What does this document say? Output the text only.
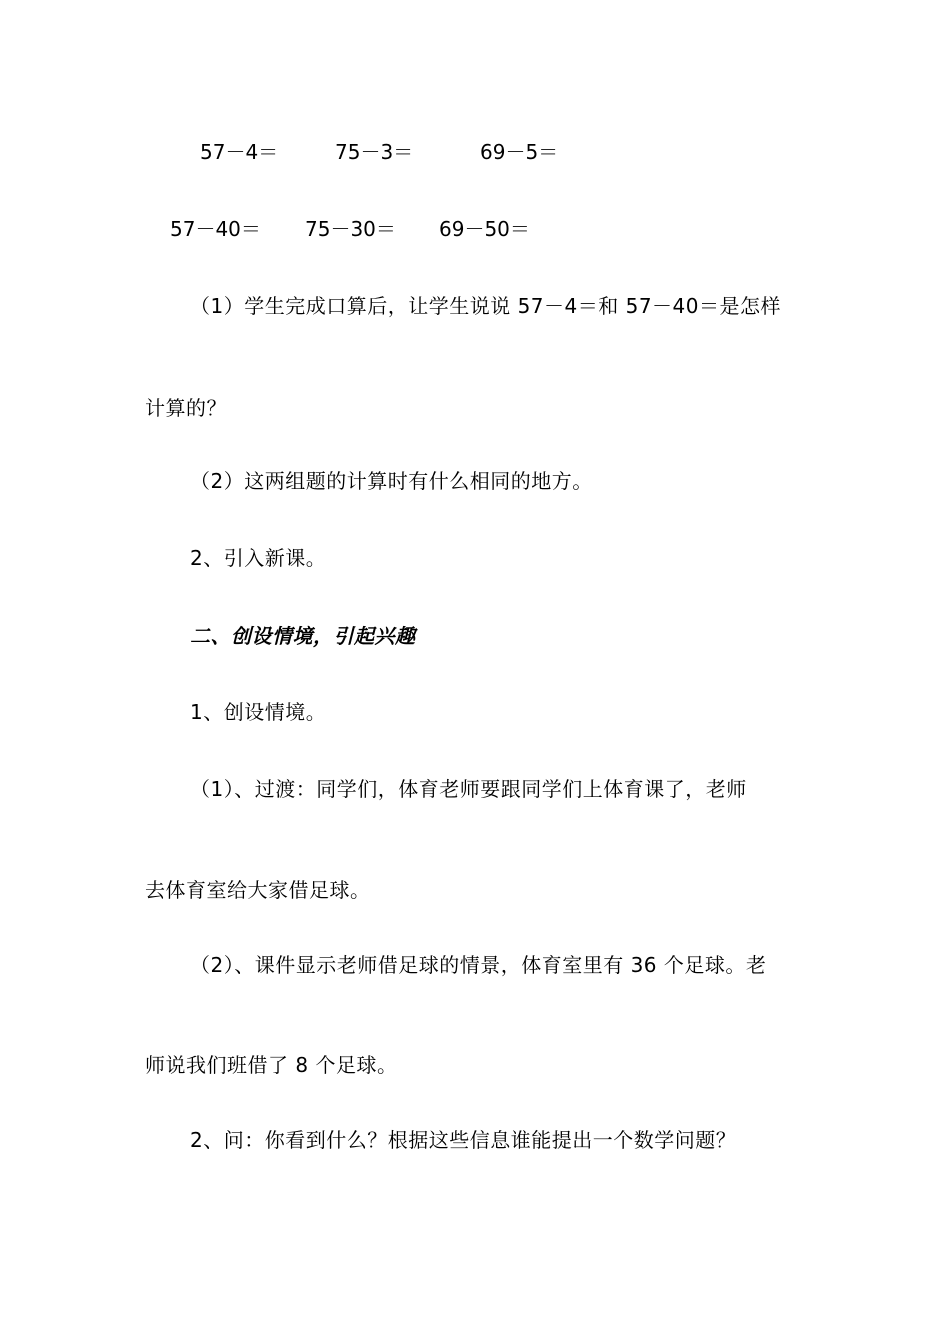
57－4＝	75－3＝	69－5＝
57－40＝ 75－30＝ 69－50＝
（1）学生完成口算后，让学生说说 57－4＝和 57－40＝是怎样
计算的？
（2）这两组题的计算时有什么相同的地方。
2、引入新课。
二、创设情境，引起兴趣
1、创设情境。
（1）、过渡：同学们，体育老师要跟同学们上体育课了，老师
去体育室给大家借足球。
（2）、课件显示老师借足球的情景，体育室里有 36 个足球。老
师说我们班借了 8 个足球。
2、问：你看到什么？根据这些信息谁能提出一个数学问题？
